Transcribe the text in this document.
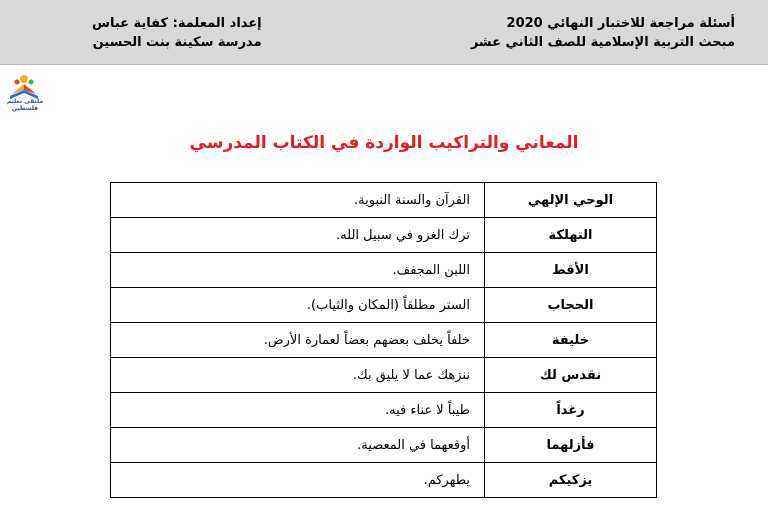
أسئلة مراجعة للاختبار النهائي 2020
مبحث التربية الإسلامية للصف الثاني عشر
إعداد المعلمة: كفاية عباس
مدرسة سكينة بنت الحسين
ملتقى تعليم فلسطين
المعاني والتراكيب الواردة في الكتاب المدرسي
الوحي الإلهي	القرآن والسنة النبوية.
التهلكة	ترك الغزو في سبيل الله.
الأقط	اللبن المجفف.
الحجاب	الستر مطلقاً (المكان والثياب).
خليفة	خلفاً يخلف بعضهم بعضاً لعمارة الأرض.
نقدس لك	ننزهك عما لا يليق بك.
رغداً	طيباً لا عناء فيه.
فأزلهما	أوقعهما في المعصية.
يزكيكم	يطهركم.
